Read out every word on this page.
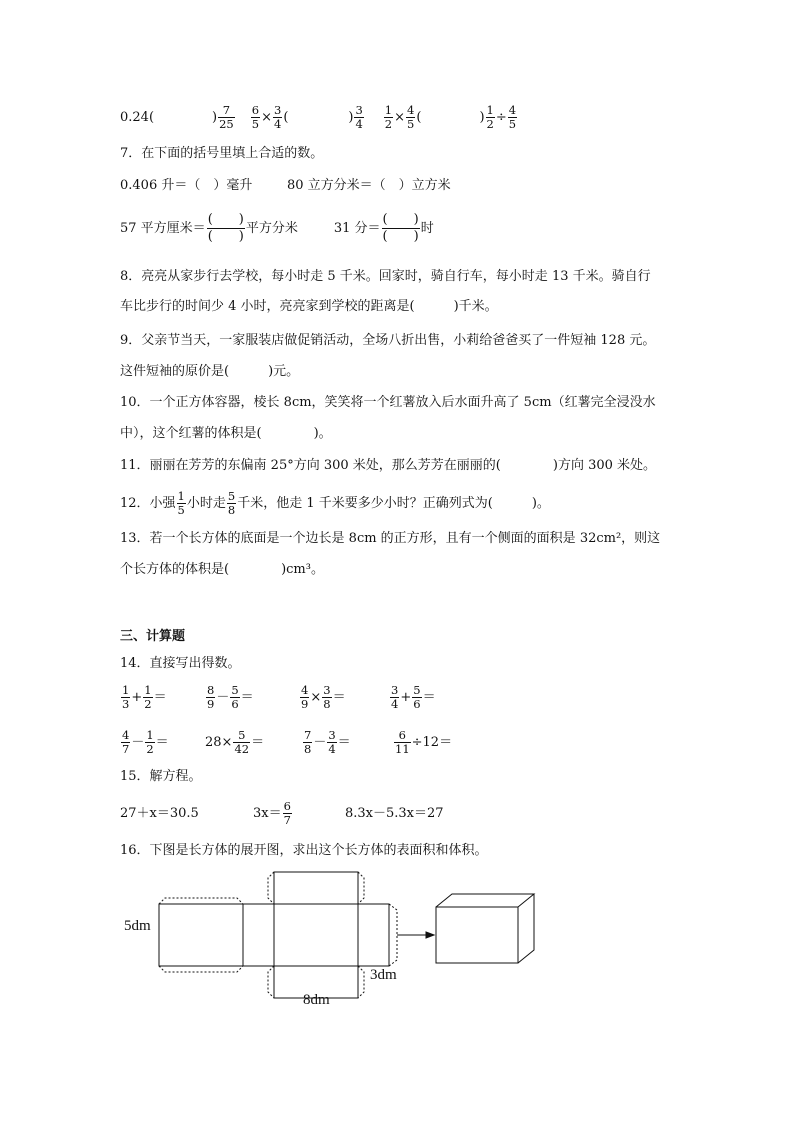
0.24(	) $\frac{7}{25} \frac{6}{5} \times \frac{3}{4}$ (	) $\frac{3}{4} \frac{1}{2} \times \frac{4}{5}$ (	) $\frac{1}{2} \div \frac{4}{5}$
7．在下面的括号里填上合适的数。
0.406 升＝（　）毫升	80 立方分米＝（　）立方米
57 平方厘米＝ $\frac{( )}{( )}$ 平方分米	31 分＝ $\frac{( )}{( )}$ 时
8．亮亮从家步行去学校，每小时走 5 千米。回家时，骑自行车，每小时走 13 千米。骑自行
车比步行的时间少 4 小时，亮亮家到学校的距离是(　　　)千米。
9．父亲节当天，一家服装店做促销活动，全场八折出售，小莉给爸爸买了一件短袖 128 元。
这件短袖的原价是(　　　)元。
10．一个正方体容器，棱长 8cm，笑笑将一个红薯放入后水面升高了 5cm（红薯完全浸没水
中），这个红薯的体积是(　　　　)。
11．丽丽在芳芳的东偏南 25°方向 300 米处，那么芳芳在丽丽的(　　　　)方向 300 米处。
12．小强 $\frac{1}{5}$ 小时走 $\frac{5}{8}$ 千米，他走 1 千米要多少小时？正确列式为(　　　)。
13．若一个长方体的底面是一个边长是 8cm 的正方形，且有一个侧面的面积是 32cm²，则这
个长方体的体积是(　　　　)cm³。
三、计算题
14．直接写出得数。
$\frac{1}{3} + \frac{1}{2}$ ＝	$\frac{8}{9} - \frac{5}{6}$ ＝	$\frac{4}{9} \times \frac{3}{8}$ ＝	$\frac{3}{4} + \frac{5}{6}$ ＝
$\frac{4}{7} - \frac{1}{2}$ ＝	$28\times \frac{5}{42}$ ＝	$\frac{7}{8} - \frac{3}{4}$ ＝	$\frac{6}{11} \div 12=$
15．解方程。
27＋x＝30.5	$3x= \frac{6}{7}$	8.3x－5.3x＝27
16．下图是长方体的展开图，求出这个长方体的表面积和体积。
5dm
3dm
8dm
